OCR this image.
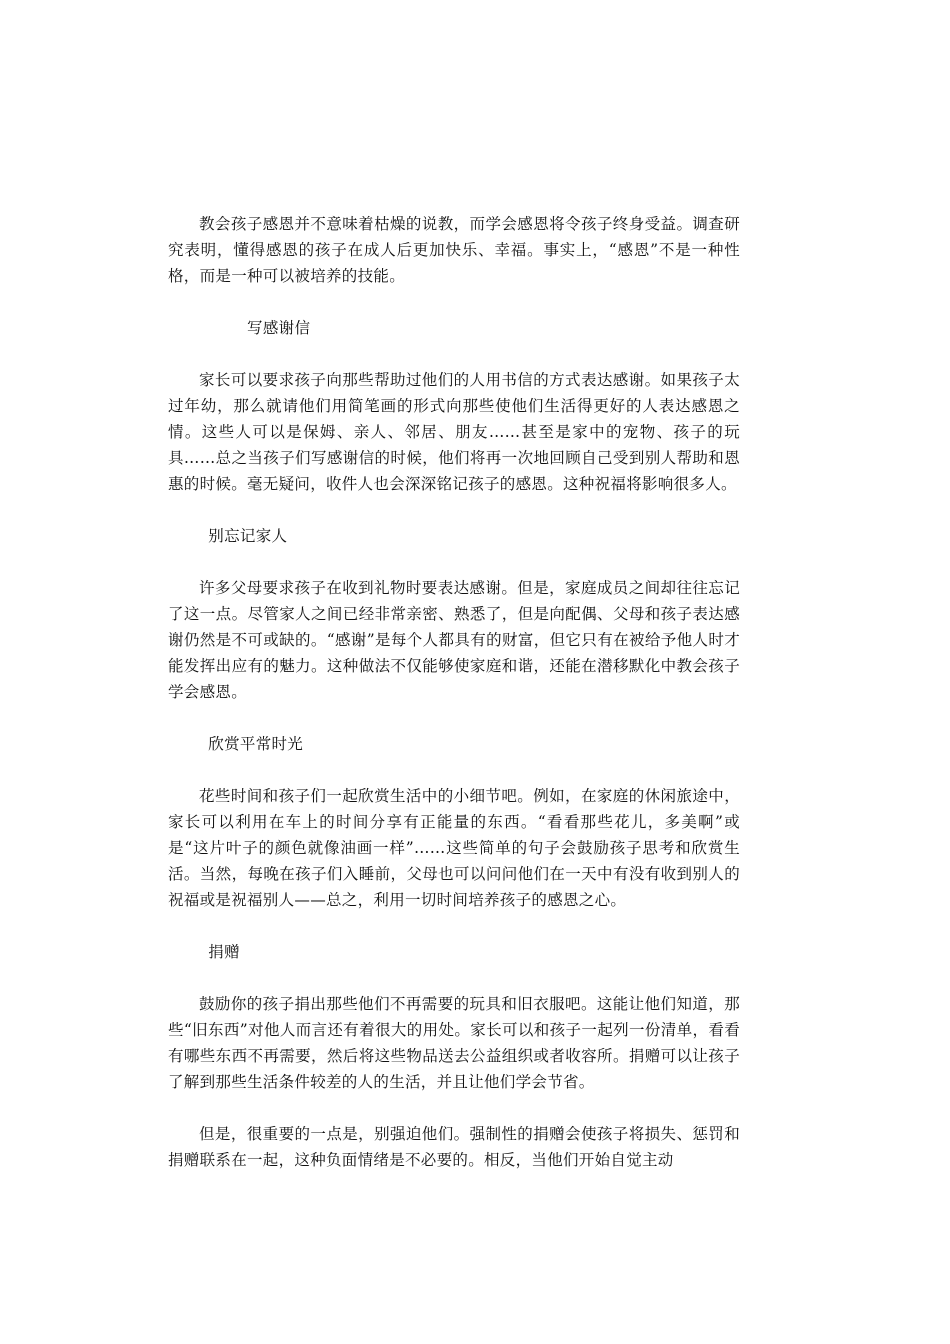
教会孩子感恩并不意味着枯燥的说教，而学会感恩将令孩子终身受益。调查研究表明，懂得感恩的孩子在成人后更加快乐、幸福。事实上，“感恩”不是一种性格，而是一种可以被培养的技能。

写感谢信

家长可以要求孩子向那些帮助过他们的人用书信的方式表达感谢。如果孩子太过年幼，那么就请他们用简笔画的形式向那些使他们生活得更好的人表达感恩之情。这些人可以是保姆、亲人、邻居、朋友……甚至是家中的宠物、孩子的玩具……总之当孩子们写感谢信的时候，他们将再一次地回顾自己受到别人帮助和恩惠的时候。毫无疑问，收件人也会深深铭记孩子的感恩。这种祝福将影响很多人。

别忘记家人

许多父母要求孩子在收到礼物时要表达感谢。但是，家庭成员之间却往往忘记了这一点。尽管家人之间已经非常亲密、熟悉了，但是向配偶、父母和孩子表达感谢仍然是不可或缺的。“感谢”是每个人都具有的财富，但它只有在被给予他人时才能发挥出应有的魅力。这种做法不仅能够使家庭和谐，还能在潜移默化中教会孩子学会感恩。

欣赏平常时光

花些时间和孩子们一起欣赏生活中的小细节吧。例如，在家庭的休闲旅途中，家长可以利用在车上的时间分享有正能量的东西。“看看那些花儿，多美啊”或是“这片叶子的颜色就像油画一样”……这些简单的句子会鼓励孩子思考和欣赏生活。当然，每晚在孩子们入睡前，父母也可以问问他们在一天中有没有收到别人的祝福或是祝福别人——总之，利用一切时间培养孩子的感恩之心。

捐赠

鼓励你的孩子捐出那些他们不再需要的玩具和旧衣服吧。这能让他们知道，那些“旧东西”对他人而言还有着很大的用处。家长可以和孩子一起列一份清单，看看有哪些东西不再需要，然后将这些物品送去公益组织或者收容所。捐赠可以让孩子了解到那些生活条件较差的人的生活，并且让他们学会节省。

但是，很重要的一点是，别强迫他们。强制性的捐赠会使孩子将损失、惩罚和捐赠联系在一起，这种负面情绪是不必要的。相反，当他们开始自觉主动
